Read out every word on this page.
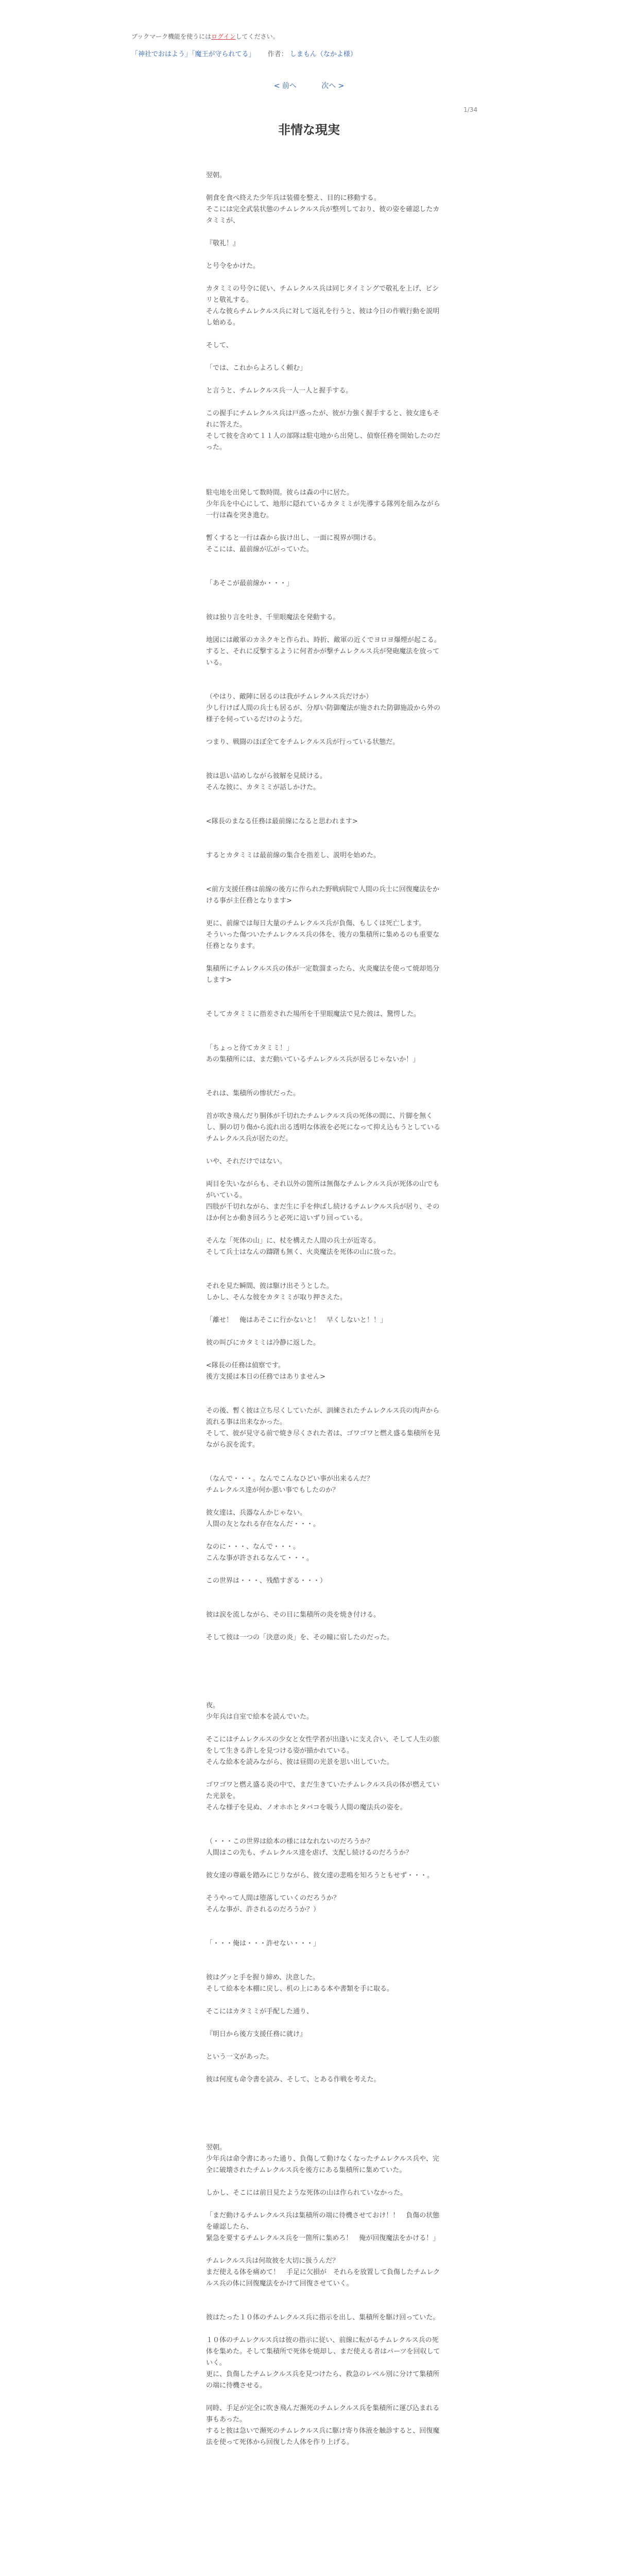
ブックマーク機能を使うにはログインしてください。
「神社でおはよう」「魔王が守られてる」 作者： しまもん（なかよ様）
< 前へ	次へ >
1/34
非情な現実

翌朝。

朝食を食べ終えた少年兵は装備を整え、目的に移動する。

そこには完全武装状態のチムレクルス兵が整列しており、彼の姿を確認したカタミミが、

『敬礼！』

と号令をかけた。

カタミミの号令に従い、チムレクルス兵は同じタイミングで敬礼を上げ、ビシリと敬礼する。

そんな彼らチムレクルス兵に対して返礼を行うと、彼は今日の作戦行動を説明し始める。

そして、

「では、これからよろしく頼む」

と言うと、チムレクルス兵一人一人と握手する。

この握手にチムレクルス兵は戸惑ったが、彼が力強く握手すると、彼女達もそれに答えた。

そして彼を含めて１１人の部隊は駐屯地から出発し、偵察任務を開始したのだった。

駐屯地を出発して数時間。彼らは森の中に居た。

少年兵を中心にして、地形に隠れているカタミミが先導する隊列を組みながら一行は森を突き進む。

暫くすると一行は森から抜け出し、一面に視界が開ける。

そこには、最前線が広がっていた。

「あそこが最前線か・・・」

彼は独り言を吐き、千里眼魔法を発動する。

地図には敵軍のカネクキと作られ、時折、敵軍の近くでヨロヨ爆煙が起こる。

すると、それに反撃するように何者かが撃チムレクルス兵が発砲魔法を放っている。

（やはり、敵陣に居るのは我がチムレクルス兵だけか）

少し行けば人間の兵士も居るが、分厚い防御魔法が施された防御施設から外の様子を伺っているだけのようだ。

つまり、戦闘のほぼ全てをチムレクルス兵が行っている状態だ。

彼は思い詰めしながら彼解を見続ける。

そんな彼に、カタミミが話しかけた。

<隊長のまなる任務は最前線になると思われます>

するとカタミミは最前線の集合を指差し、説明を始めた。

<前方支援任務は前線の後方に作られた野戦病院で人間の兵士に回復魔法をかける事が主任務となります>

更に、前線では毎日大量のチムレクルス兵が負傷、もしくは死亡します。

そういった傷ついたチムレクルス兵の体を、後方の集積所に集めるのも重要な任務となります。

集積所にチムレクルス兵の体が一定数溜まったら、火炎魔法を使って焼却処分します>

そしてカタミミに指差された場所を千里眼魔法で見た彼は、驚愕した。

「ちょっと待てカタミミ！」

あの集積所には、まだ動いているチムレクルス兵が居るじゃないか！」

それは、集積所の惨状だった。

首が吹き飛んだり胴体が千切れたチムレクルス兵の死体の間に、片脚を無くし、胴の切り傷から流れ出る透明な体液を必死になって抑え込もうとしているチムレクルス兵が居たのだ。

いや、それだけではない。

両目を失いながらも、それ以外の箇所は無傷なチムレクルス兵が死体の山でもがいている。

四肢が千切れながら、まだ生に手を伸ばし続けるチムレクルス兵が居り、そのほか何とか動き回ろうと必死に這いずり回っている。

そんな「死体の山」に、杖を構えた人間の兵士が近寄る。

そして兵士はなんの躊躇も無く、火炎魔法を死体の山に放った。

それを見た瞬間、彼は駆け出そうとした。

しかし、そんな彼をカタミミが取り押さえた。

「離せ！　俺はあそこに行かないと！　早くしないと！！」

彼の叫びにカタミミは冷静に返した。

<隊長の任務は偵察です。

後方支援は本日の任務ではありません>

その後、暫く彼は立ち尽くしていたが、訓練されたチムレクルス兵の肉声から流れる事は出来なかった。

そして、彼が見守る前で焼き尽くされた者は、ゴワゴワと燃え盛る集積所を見ながら涙を流す。

（なんで・・・。なんでこんなひどい事が出来るんだ？

チムレクルス達が何か悪い事でもしたのか？

彼女達は、兵器なんかじゃない。

人間の友となれる存在なんだ・・・。

なのに・・・、なんで・・・。

こんな事が許されるなんて・・・。

この世界は・・・、残酷すぎる・・・）

彼は涙を流しながら、その目に集積所の炎を焼き付ける。

そして彼は一つの「決意の炎」を、その瞳に宿したのだった。

夜。

少年兵は自室で絵本を読んでいた。

そこにはチムレクルスの少女と女性学者が出逢いに支え合い、そして人生の旅をして生きる許しを見つける姿が描かれている。

そんな絵本を読みながら、彼は昼間の光景を思い出していた。

ゴワゴワと燃え盛る炎の中で、まだ生きていたチムレクルス兵の体が燃えていた光景を。

そんな様子を見ぬ、ノオホホとタバコを吸う人間の魔法兵の姿を。

（・・・この世界は絵本の様にはなれないのだろうか？

人間はこの先も、チムレクルス達を虐げ、支配し続けるのだろうか？

彼女達の尊厳を踏みにじりながら、彼女達の悲鳴を知ろうともせず・・・。

そうやって人間は堕落していくのだろうか？

そんな事が、許されるのだろうか？）

「・・・俺は・・・許せない・・・」

彼はグッと手を握り締め、決意した。

そして絵本を本棚に戻し、机の上にある本や書類を手に取る。

そこにはカタミミが手配した通り、

『明日から後方支援任務に就け』

という一文があった。

彼は何度も命令書を読み、そして、とある作戦を考えた。

翌朝。

少年兵は命令書にあった通り、負傷して動けなくなったチムレクルス兵や、完全に破壊されたチムレクルス兵を後方にある集積所に集めていた。

しかし、そこには前日見たような死体の山は作られていなかった。

「まだ動けるチムレクルス兵は集積所の端に待機させておけ！！　負傷の状態を確認したら、

緊急を要するチムレクルス兵を一箇所に集めろ！　俺が回復魔法をかける！」

チムレクルス兵は何故彼を大切に扱うんだ？

まだ使える体を痛めて！　手足に欠損が　それらを放置して負傷したチムレクルス兵の体に回復魔法をかけて回復させていく。

彼はたった１０体のチムレクルス兵に指示を出し、集積所を駆け回っていた。

１０体のチムレクルス兵は彼の指示に従い、前線に転がるチムレクルス兵の死体を集めた。そして集積所で死体を焼却し、まだ使える者はパーツを回収していく。

更に、負傷したチムレクルス兵を見つけたら、救急のレベル別に分けて集積所の端に待機させる。

同時、手足が完全に吹き飛んだ瀕死のチムレクルス兵を集積所に運び込まれる事もあった。

すると彼は急いで瀕死のチムレクルス兵に駆け寄り体液を触診すると、回復魔法を使って死体から回復した人体を作り上げる。
